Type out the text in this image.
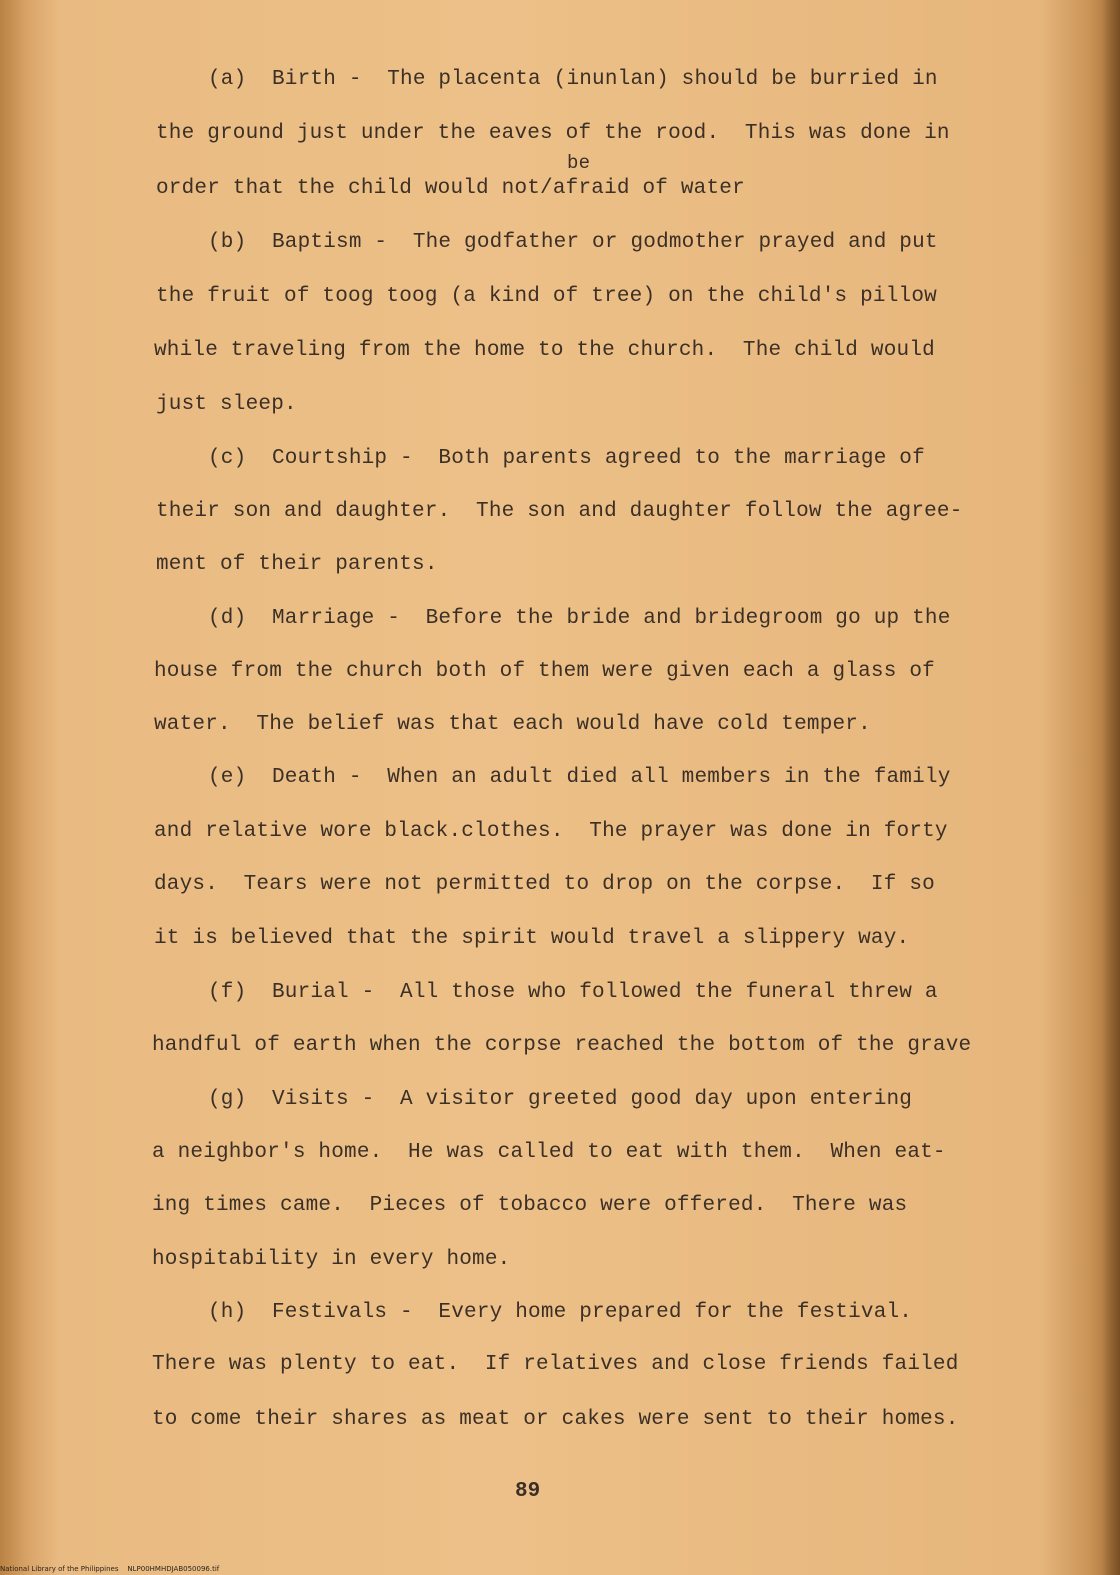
(a)  Birth -  The placenta (inunlan) should be burried in
the ground just under the eaves of the rood.  This was done in
be
order that the child would not/afraid of water
(b)  Baptism -  The godfather or godmother prayed and put
the fruit of toog toog (a kind of tree) on the child's pillow
while traveling from the home to the church.  The child would
just sleep.
(c)  Courtship -  Both parents agreed to the marriage of
their son and daughter.  The son and daughter follow the agree-
ment of their parents.
(d)  Marriage -  Before the bride and bridegroom go up the
house from the church both of them were given each a glass of
water.  The belief was that each would have cold temper.
(e)  Death -  When an adult died all members in the family
and relative wore black.clothes.  The prayer was done in forty
days.  Tears were not permitted to drop on the corpse.  If so
it is believed that the spirit would travel a slippery way.
(f)  Burial -  All those who followed the funeral threw a
handful of earth when the corpse reached the bottom of the grave
(g)  Visits -  A visitor greeted good day upon entering
a neighbor's home.  He was called to eat with them.  When eat-
ing times came.  Pieces of tobacco were offered.  There was
hospitability in every home.
(h)  Festivals -  Every home prepared for the festival.
There was plenty to eat.  If relatives and close friends failed
to come their shares as meat or cakes were sent to their homes.
89
National Library of the Philippines    NLP00HMHDJAB050096.tif
